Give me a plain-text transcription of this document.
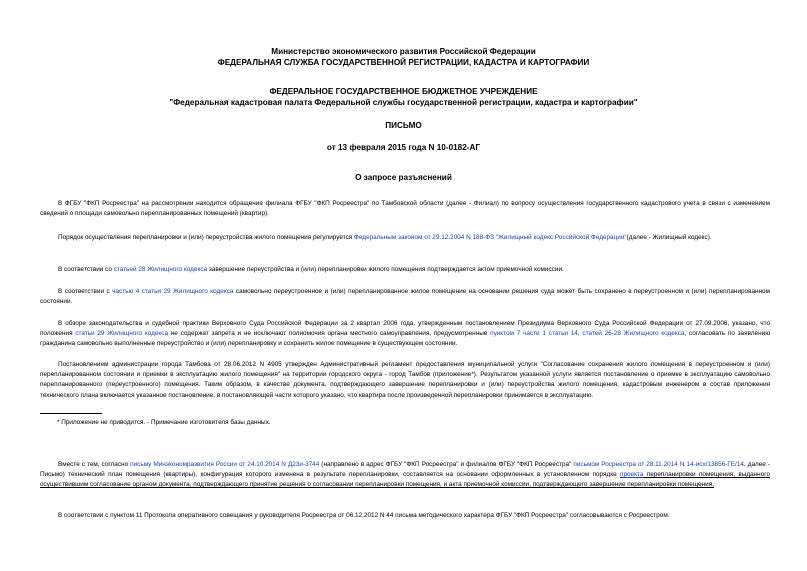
Министерство экономического развития Российской Федерации

ФЕДЕРАЛЬНАЯ СЛУЖБА ГОСУДАРСТВЕННОЙ РЕГИСТРАЦИИ, КАДАСТРА И КАРТОГРАФИИ

ФЕДЕРАЛЬНОЕ ГОСУДАРСТВЕННОЕ БЮДЖЕТНОЕ УЧРЕЖДЕНИЕ

"Федеральная кадастровая палата Федеральной службы государственной регистрации, кадастра и картографии"

ПИСЬМО

от 13 февраля 2015 года N 10-0182-АГ

О запросе разъяснений

В ФГБУ "ФКП Росреестра" на рассмотрении находится обращение филиала ФГБУ "ФКП Росреестра" по Тамбовской области (далее - Филиал) по вопросу осуществления государственного кадастрового учета в связи с изменением сведений о площади самовольно перепланированных помещений (квартир).

Порядок осуществления перепланировки и (или) переустройства жилого помещения регулируется Федеральным законом от 29.12.2004 N 188-ФЗ "Жилищный кодекс Российской Федерации"(далее - Жилищный кодекс).

В соответствии со статьей 28 Жилищного кодекса завершение переустройства и (или) перепланировки жилого помещения подтверждается актом приемочной комиссии.

В соответствии с частью 4 статьи 29 Жилищного кодекса самовольно переустроенное и (или) перепланированное жилое помещение на основании решения суда может быть сохранено в переустроенном и (или) перепланированном состоянии.

В обзоре законодательства и судебной практики Верховного Суда Российской Федерации за 2 квартал 2006 года, утвержденным постановлением Президиума Верховного Суда Российской Федерации от 27.09.2006, указано, что положения статьи 29 Жилищного кодекса не содержат запрета и не исключают полномочия органа местного самоуправления, предусмотренные пунктом 7 части 1 статьи 14, статей 26-28 Жилищного кодекса, согласовать по заявлению гражданина самовольно выполненные переустройство и (или) перепланировку и сохранить жилое помещение в существующем состоянии.

Постановлением администрации города Тамбова от 28.06.2012 N 4905 утвержден Административный регламент предоставления муниципальной услуги "Согласование сохранения жилого помещения в переустроенном и (или) перепланированном состоянии и приемки в эксплуатацию жилого помещения" на территории городского округа - город Тамбов (приложение*). Результатом указанной услуги является постановление о приемке в эксплуатацию самовольно перепланированного (переустроенного) помещения. Таким образом, в качестве документа, подтверждающего завершение перепланировки и (или) переустройства жилого помещения, кадастровым инженером в состав приложения технического плана включается указанное постановление, в постановляющей части которого указано, что квартира после произведенной перепланировки принимается в эксплуатацию.

* Приложение не приводится. - Примечание изготовителя базы данных.

Вместе с тем, согласно письму Минэкономразвития России от 24.10.2014 N Д23и-3744 (направлено в адрес ФГБУ "ФКП Росреестра" и филиалов ФГБУ "ФКП Росреестра" письмом Росреестра от 28.11.2014 N 14-исх/13856-ГЕ/14, далее - Письмо) технический план помещения (квартиры), конфигурация которого изменена в результате перепланировки, составляется на основании оформленных в установленном порядке проекта перепланировки помещения, выданного осуществившим согласование органом документа, подтверждающего принятие решения о согласовании перепланировки помещения, и акта приемочной комиссии, подтверждающего завершение перепланировки помещения.

В соответствии с пунктом 11 Протокола оперативного совещания у руководителя Росреестра от 06.12.2012 N 44 письма методического характера ФГБУ "ФКП Росреестра" согласовываются с Росреестром.
